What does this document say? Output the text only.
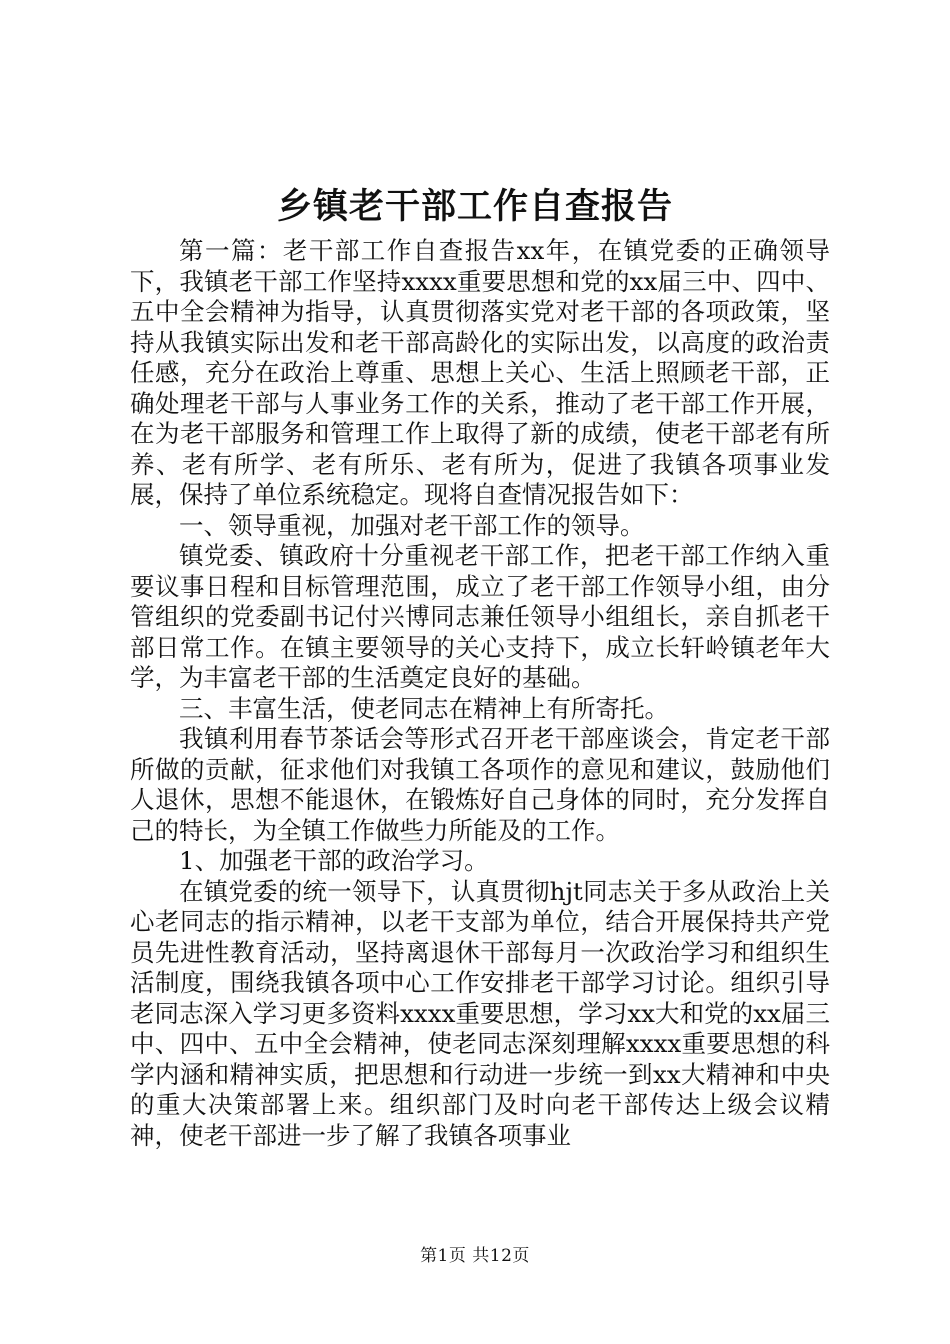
乡镇老干部工作自查报告

第一篇：老干部工作自查报告xx年，在镇党委的正确领导下，我镇老干部工作坚持xxxx重要思想和党的xx届三中、四中、五中全会精神为指导，认真贯彻落实党对老干部的各项政策，坚持从我镇实际出发和老干部高龄化的实际出发，以高度的政治责任感，充分在政治上尊重、思想上关心、生活上照顾老干部，正确处理老干部与人事业务工作的关系，推动了老干部工作开展，在为老干部服务和管理工作上取得了新的成绩，使老干部老有所养、老有所学、老有所乐、老有所为，促进了我镇各项事业发展，保持了单位系统稳定。现将自查情况报告如下：

一、领导重视，加强对老干部工作的领导。

镇党委、镇政府十分重视老干部工作，把老干部工作纳入重要议事日程和目标管理范围，成立了老干部工作领导小组，由分管组织的党委副书记付兴博同志兼任领导小组组长，亲自抓老干部日常工作。在镇主要领导的关心支持下，成立长轩岭镇老年大学，为丰富老干部的生活奠定良好的基础。

三、丰富生活，使老同志在精神上有所寄托。

我镇利用春节茶话会等形式召开老干部座谈会，肯定老干部所做的贡献，征求他们对我镇工各项作的意见和建议，鼓励他们人退休，思想不能退休，在锻炼好自己身体的同时，充分发挥自己的特长，为全镇工作做些力所能及的工作。

1、加强老干部的政治学习。

在镇党委的统一领导下，认真贯彻hjt同志关于多从政治上关心老同志的指示精神，以老干支部为单位，结合开展保持共产党员先进性教育活动，坚持离退休干部每月一次政治学习和组织生活制度，围绕我镇各项中心工作安排老干部学习讨论。组织引导老同志深入学习更多资料xxxx重要思想，学习xx大和党的xx届三中、四中、五中全会精神，使老同志深刻理解xxxx重要思想的科学内涵和精神实质，把思想和行动进一步统一到xx大精神和中央的重大决策部署上来。组织部门及时向老干部传达上级会议精神，使老干部进一步了解了我镇各项事业

第1页 共12页
